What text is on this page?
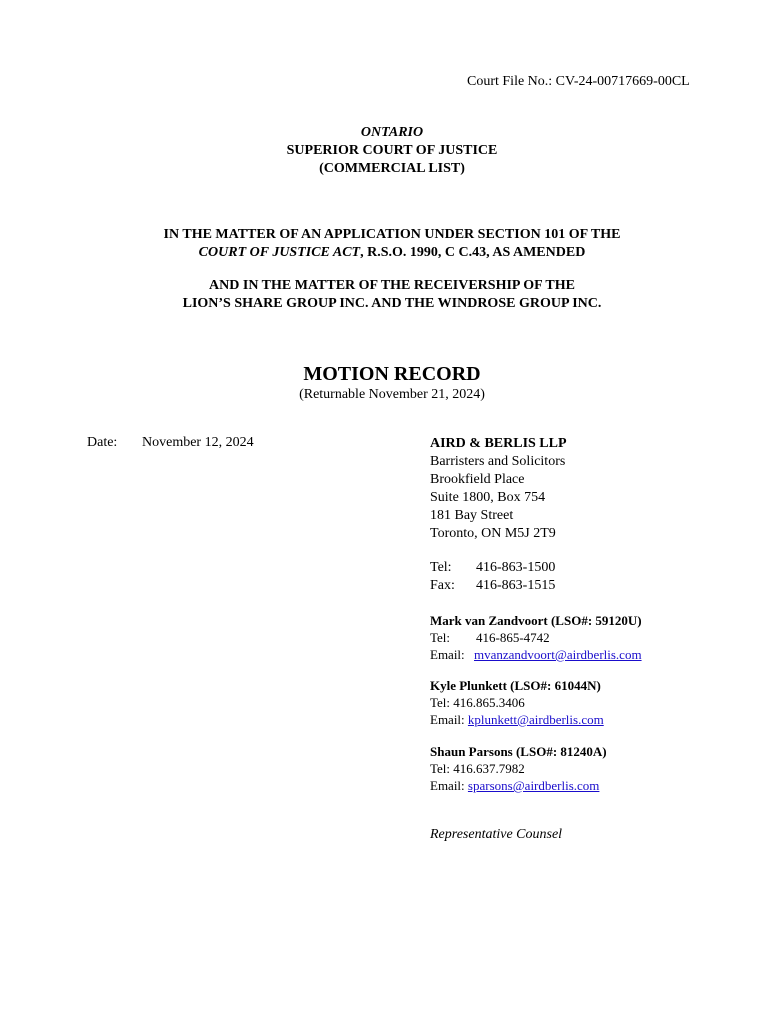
Court File No.: CV-24-00717669-00CL
ONTARIO
SUPERIOR COURT OF JUSTICE
(COMMERCIAL LIST)
IN THE MATTER OF AN APPLICATION UNDER SECTION 101 OF THE
COURT OF JUSTICE ACT, R.S.O. 1990, C C.43, AS AMENDED
AND IN THE MATTER OF THE RECEIVERSHIP OF THE
LION’S SHARE GROUP INC. AND THE WINDROSE GROUP INC.
MOTION RECORD
(Returnable November 21, 2024)
Date: November 12, 2024	AIRD & BERLIS LLP
Barristers and Solicitors
Brookfield Place
Suite 1800, Box 754
181 Bay Street
Toronto, ON M5J 2T9
Tel: 416-863-1500
Fax: 416-863-1515
Mark van Zandvoort (LSO#: 59120U)
Tel: 416-865-4742
Email: mvanzandvoort@airdberlis.com
Kyle Plunkett (LSO#: 61044N)
Tel: 416.865.3406
Email: kplunkett@airdberlis.com
Shaun Parsons (LSO#: 81240A)
Tel: 416.637.7982
Email: sparsons@airdberlis.com
Representative Counsel
